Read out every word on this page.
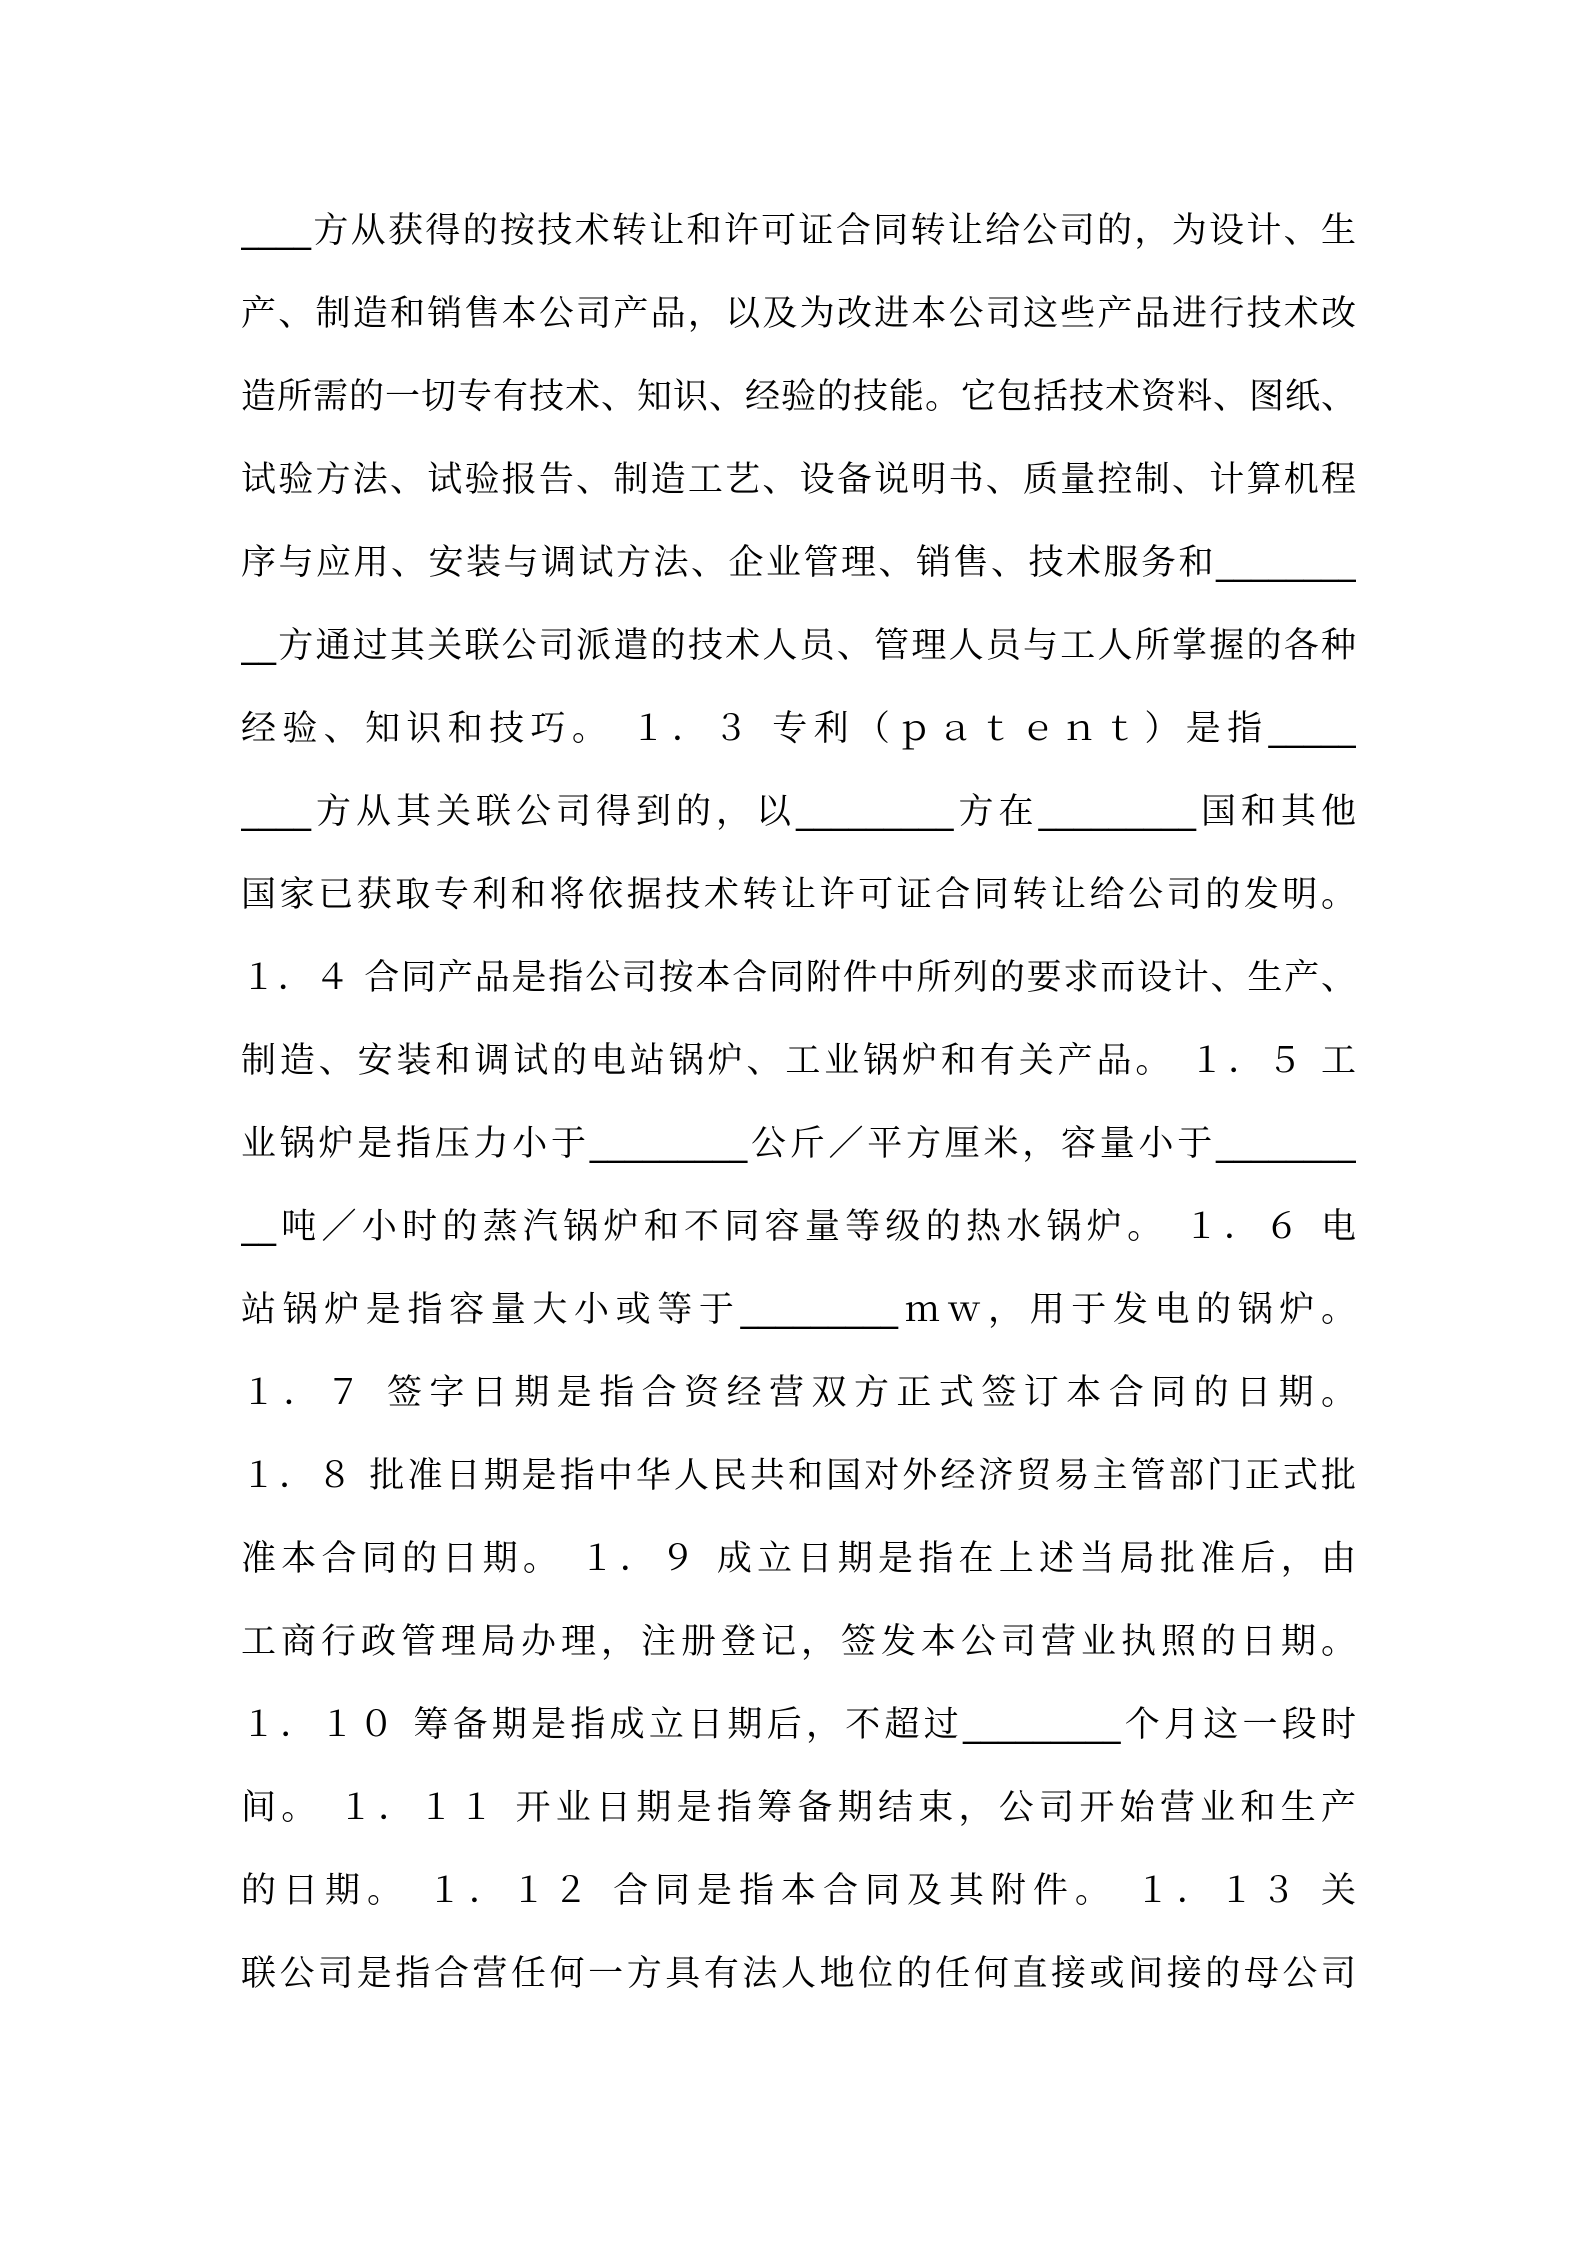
____方从获得的按技术转让和许可证合同转让给公司的，为设计、生
产、制造和销售本公司产品，以及为改进本公司这些产品进行技术改
造所需的一切专有技术、知识、经验的技能。它包括技术资料、图纸、
试验方法、试验报告、制造工艺、设备说明书、质量控制、计算机程
序与应用、安装与调试方法、企业管理、销售、技术服务和________
__方通过其关联公司派遣的技术人员、管理人员与工人所掌握的各种
经验、知识和技巧。 １．３ 专利（ｐａｔｅｎｔ）是指_____
____方从其关联公司得到的，以_________方在_________国和其他
国家已获取专利和将依据技术转让许可证合同转让给公司的发明。
１．４ 合同产品是指公司按本合同附件中所列的要求而设计、生产、
制造、安装和调试的电站锅炉、工业锅炉和有关产品。 １．５ 工
业锅炉是指压力小于_________公斤／平方厘米，容量小于________
__吨／小时的蒸汽锅炉和不同容量等级的热水锅炉。 １．６ 电
站锅炉是指容量大小或等于_________ｍｗ，用于发电的锅炉。
１．７ 签字日期是指合资经营双方正式签订本合同的日期。
１．８ 批准日期是指中华人民共和国对外经济贸易主管部门正式批
准本合同的日期。 １．９ 成立日期是指在上述当局批准后，由
工商行政管理局办理，注册登记，签发本公司营业执照的日期。
１．１０ 筹备期是指成立日期后，不超过_________个月这一段时
间。 １．１１ 开业日期是指筹备期结束，公司开始营业和生产
的日期。 １．１２ 合同是指本合同及其附件。 １．１３ 关
联公司是指合营任何一方具有法人地位的任何直接或间接的母公司
